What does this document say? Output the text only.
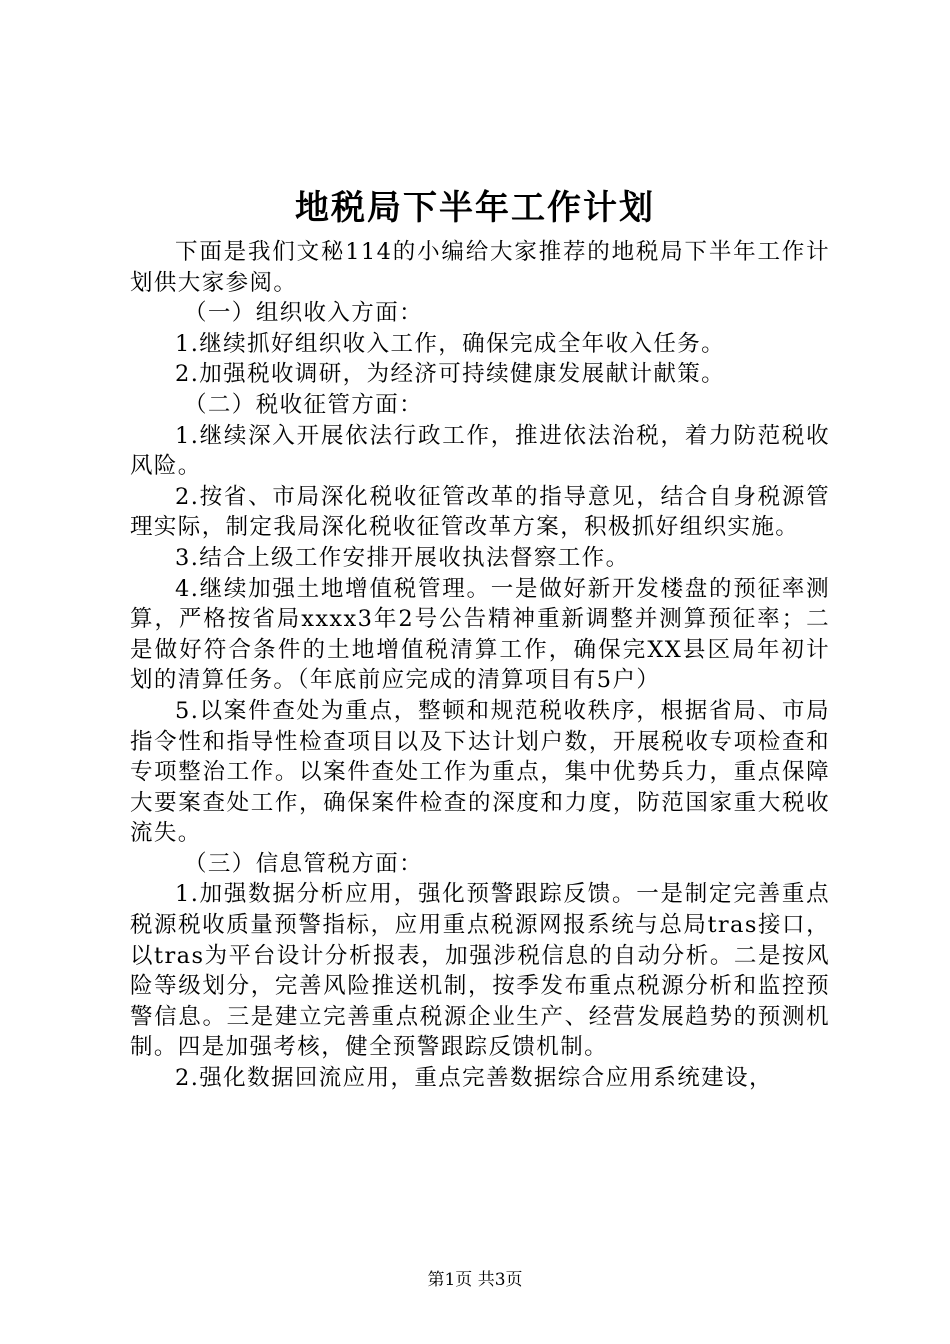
地税局下半年工作计划

下面是我们文秘114的小编给大家推荐的地税局下半年工作计划供大家参阅。

（一）组织收入方面：

1.继续抓好组织收入工作，确保完成全年收入任务。

2.加强税收调研，为经济可持续健康发展献计献策。

（二）税收征管方面：

1.继续深入开展依法行政工作，推进依法治税，着力防范税收风险。

2.按省、市局深化税收征管改革的指导意见，结合自身税源管理实际，制定我局深化税收征管改革方案，积极抓好组织实施。

3.结合上级工作安排开展收执法督察工作。

4.继续加强土地增值税管理。一是做好新开发楼盘的预征率测算，严格按省局xxxx3年2号公告精神重新调整并测算预征率；二是做好符合条件的土地增值税清算工作，确保完XX县区局年初计划的清算任务。（年底前应完成的清算项目有5户）

5.以案件查处为重点，整顿和规范税收秩序，根据省局、市局指令性和指导性检查项目以及下达计划户数，开展税收专项检查和专项整治工作。以案件查处工作为重点，集中优势兵力，重点保障大要案查处工作，确保案件检查的深度和力度，防范国家重大税收流失。

（三）信息管税方面：

1.加强数据分析应用，强化预警跟踪反馈。一是制定完善重点税源税收质量预警指标，应用重点税源网报系统与总局tras接口，以tras为平台设计分析报表，加强涉税信息的自动分析。二是按风险等级划分，完善风险推送机制，按季发布重点税源分析和监控预警信息。三是建立完善重点税源企业生产、经营发展趋势的预测机制。四是加强考核，健全预警跟踪反馈机制。

2.强化数据回流应用，重点完善数据综合应用系统建设，

第1页 共3页
